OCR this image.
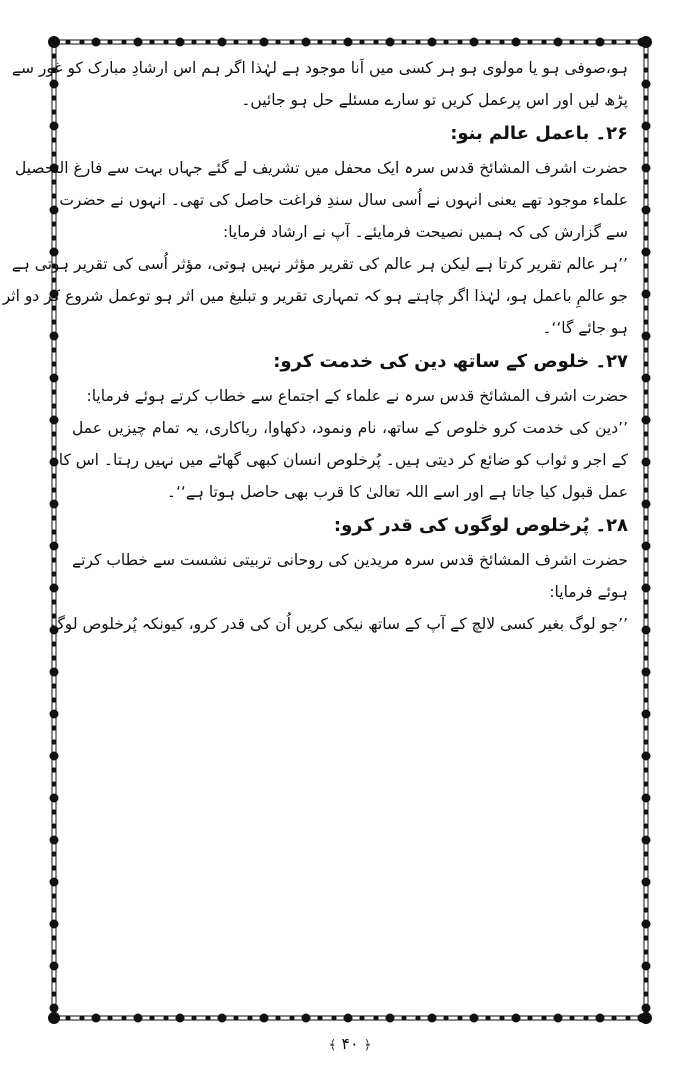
ہو،صوفی ہو یا مولوی ہو ہر کسی میں اَنا موجود ہے لہٰذا اگر ہم اس ارشادِ مبارک کو غور سے
پڑھ لیں اور اس پرعمل کریں تو سارے مسئلے حل ہو جائیں۔
۲۶۔ باعمل عالم بنو:
حضرت اشرف المشائخ قدس سرہ ایک محفل میں تشریف لے گئے جہاں بہت سے فارغ التحصیل
علماء موجود تھے یعنی انہوں نے اُسی سال سندِ فراغت حاصل کی تھی۔ انہوں نے حضرت
سے گزارش کی کہ ہمیں نصیحت فرمایئے۔ آپ نے ارشاد فرمایا:
’’ہر عالم تقریر کرتا ہے لیکن ہر عالم کی تقریر مؤثر نہیں ہوتی، مؤثر اُسی کی تقریر ہوتی ہے
جو عالمِ باعمل ہو، لہٰذا اگر چاہتے ہو کہ تمہاری تقریر و تبلیغ میں اثر ہو توعمل شروع کر دو اثر
ہو جائے گا‘‘۔
۲۷۔ خلوص کے ساتھ دین کی خدمت کرو:
حضرت اشرف المشائخ قدس سرہ نے علماء کے اجتماع سے خطاب کرتے ہوئے فرمایا:
’’دین کی خدمت کرو خلوص کے ساتھ، نام ونمود، دکھاوا، ریاکاری، یہ تمام چیزیں عمل
کے اجر و ثواب کو ضائع کر دیتی ہیں۔ پُرخلوص انسان کبھی گھاٹے میں نہیں رہتا۔ اس کا
عمل قبول کیا جاتا ہے اور اسے اللہ تعالیٰ کا قرب بھی حاصل ہوتا ہے‘‘۔
۲۸۔ پُرخلوص لوگوں کی قدر کرو:
حضرت اشرف المشائخ قدس سرہ مریدین کی روحانی تربیتی نشست سے خطاب کرتے
ہوئے فرمایا:
’’جو لوگ بغیر کسی لالچ کے آپ کے ساتھ نیکی کریں اُن کی قدر کرو، کیونکہ پُرخلوص لوگ
﴾ ۴۰ ﴿
